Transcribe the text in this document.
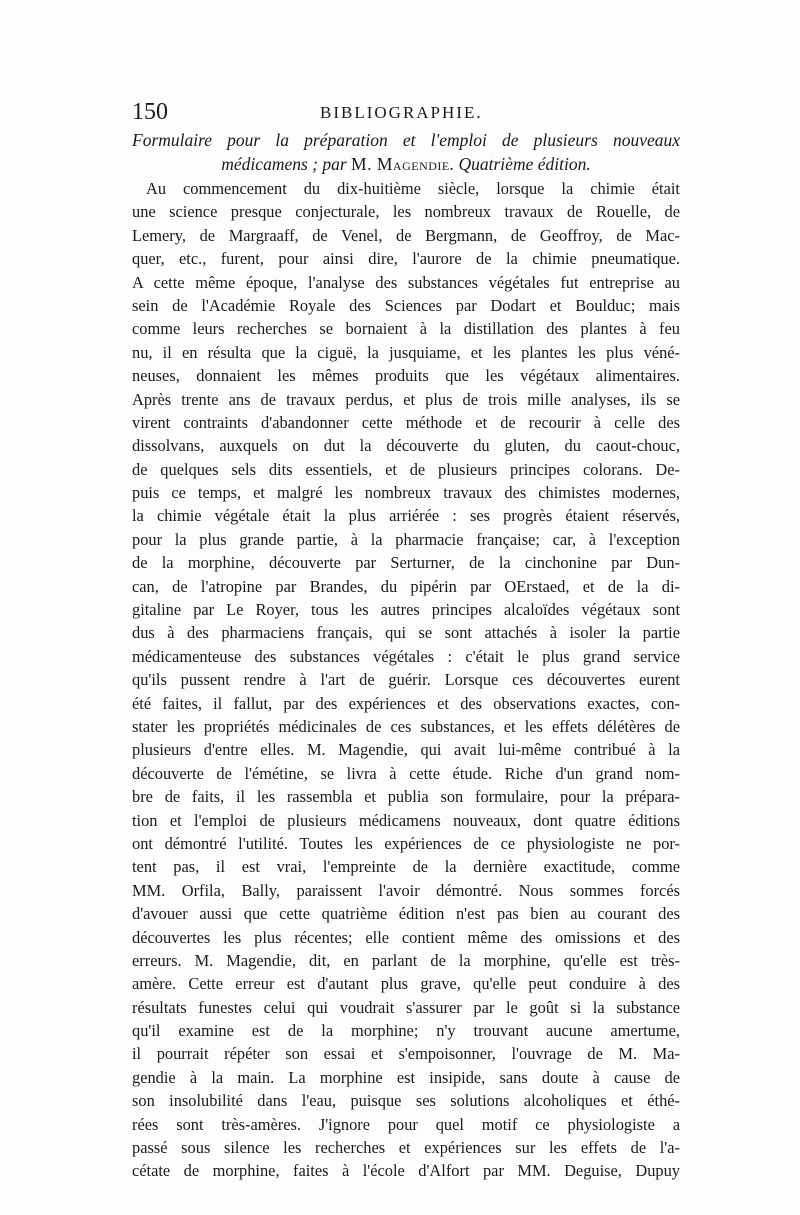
150	BIBLIOGRAPHIE.
Formulaire pour la préparation et l'emploi de plusieurs nouveaux
médicamens ; par M. Magendie. Quatrième édition.
Au commencement du dix-huitième siècle, lorsque la chimie était
une science presque conjecturale, les nombreux travaux de Rouelle, de
Lemery, de Margraaff, de Venel, de Bergmann, de Geoffroy, de Mac-
quer, etc., furent, pour ainsi dire, l'aurore de la chimie pneumatique.
A cette même époque, l'analyse des substances végétales fut entreprise au
sein de l'Académie Royale des Sciences par Dodart et Boulduc; mais
comme leurs recherches se bornaient à la distillation des plantes à feu
nu, il en résulta que la ciguë, la jusquiame, et les plantes les plus véné-
neuses, donnaient les mêmes produits que les végétaux alimentaires.
Après trente ans de travaux perdus, et plus de trois mille analyses, ils se
virent contraints d'abandonner cette méthode et de recourir à celle des
dissolvans, auxquels on dut la découverte du gluten, du caout-chouc,
de quelques sels dits essentiels, et de plusieurs principes colorans. De-
puis ce temps, et malgré les nombreux travaux des chimistes modernes,
la chimie végétale était la plus arriérée : ses progrès étaient réservés,
pour la plus grande partie, à la pharmacie française; car, à l'exception
de la morphine, découverte par Serturner, de la cinchonine par Dun-
can, de l'atropine par Brandes, du pipérin par OErstaed, et de la di-
gitaline par Le Royer, tous les autres principes alcaloïdes végétaux sont
dus à des pharmaciens français, qui se sont attachés à isoler la partie
médicamenteuse des substances végétales : c'était le plus grand service
qu'ils pussent rendre à l'art de guérir. Lorsque ces découvertes eurent
été faites, il fallut, par des expériences et des observations exactes, con-
stater les propriétés médicinales de ces substances, et les effets délétères de
plusieurs d'entre elles. M. Magendie, qui avait lui-même contribué à la
découverte de l'émétine, se livra à cette étude. Riche d'un grand nom-
bre de faits, il les rassembla et publia son formulaire, pour la prépara-
tion et l'emploi de plusieurs médicamens nouveaux, dont quatre éditions
ont démontré l'utilité. Toutes les expériences de ce physiologiste ne por-
tent pas, il est vrai, l'empreinte de la dernière exactitude, comme
MM. Orfila, Bally, paraissent l'avoir démontré. Nous sommes forcés
d'avouer aussi que cette quatrième édition n'est pas bien au courant des
découvertes les plus récentes; elle contient même des omissions et des
erreurs. M. Magendie, dit, en parlant de la morphine, qu'elle est très-
amère. Cette erreur est d'autant plus grave, qu'elle peut conduire à des
résultats funestes celui qui voudrait s'assurer par le goût si la substance
qu'il examine est de la morphine; n'y trouvant aucune amertume,
il pourrait répéter son essai et s'empoisonner, l'ouvrage de M. Ma-
gendie à la main. La morphine est insipide, sans doute à cause de
son insolubilité dans l'eau, puisque ses solutions alcoholiques et éthé-
rées sont très-amères. J'ignore pour quel motif ce physiologiste a
passé sous silence les recherches et expériences sur les effets de l'a-
cétate de morphine, faites à l'école d'Alfort par MM. Deguise, Dupuy
